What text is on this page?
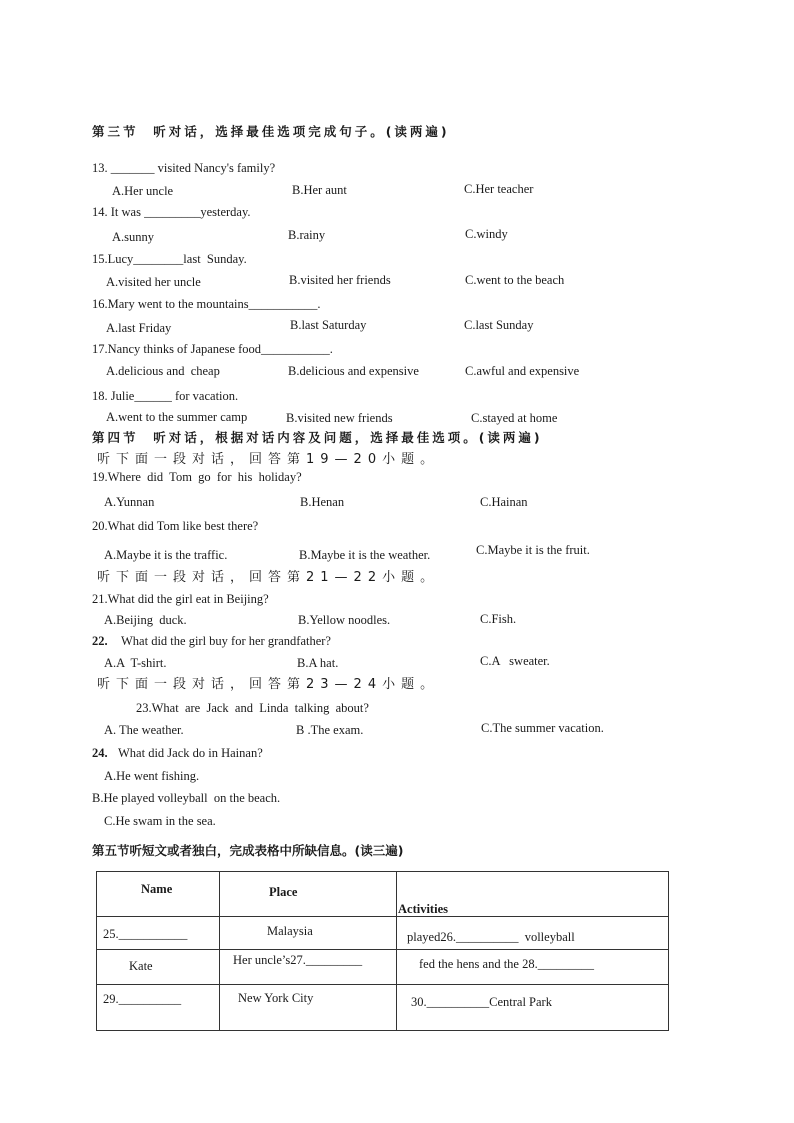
第三节  听对话，选择最佳选项完成句子。(读两遍)
13. _______ visited Nancy's family?
A.Her uncle	B.Her aunt	C.Her teacher
14. It was _________yesterday.
A.sunny	B.rainy	C.windy
15.Lucy________last  Sunday.
A.visited her uncle	B.visited her friends	C.went to the beach
16.Mary went to the mountains___________.
A.last Friday	B.last Saturday	C.last Sunday
17.Nancy thinks of Japanese food___________.
A.delicious and  cheap	B.delicious and expensive	C.awful and expensive
18. Julie______ for vacation.
A.went to the summer camp	B.visited new friends	C.stayed at home
第四节  听对话，根据对话内容及问题，选择最佳选项。(读两遍)
听下面一段对话，回答第19—20小题。
19.Where  did  Tom  go  for  his  holiday?
A.Yunnan	B.Henan	C.Hainan
20.What did Tom like best there?
A.Maybe it is the traffic.	B.Maybe it is the weather.	C.Maybe it is the fruit.
听下面一段对话，回答第21—22小题。
21.What did the girl eat in Beijing?
A.Beijing  duck.	B.Yellow noodles.	C.Fish.
22. What did the girl buy for her grandfather?
A.A  T-shirt.	B.A hat.	C.A   sweater.
听下面一段对话，回答第23—24小题。
23.What  are  Jack  and  Linda  talking  about?
A. The weather.	B .The exam.	C.The summer vacation.
24. What did Jack do in Hainan?
A.He went fishing.
B.He played volleyball  on the beach.
C.He swam in the sea.
第五节听短文或者独白，完成表格中所缺信息。(读三遍)
Name	Place	Activities

25.___________	Malaysia	played26.__________  volleyball

Kate	Her uncle’s27._________	fed the hens and the 28._________

29.__________	New York City	30.__________Central Park
